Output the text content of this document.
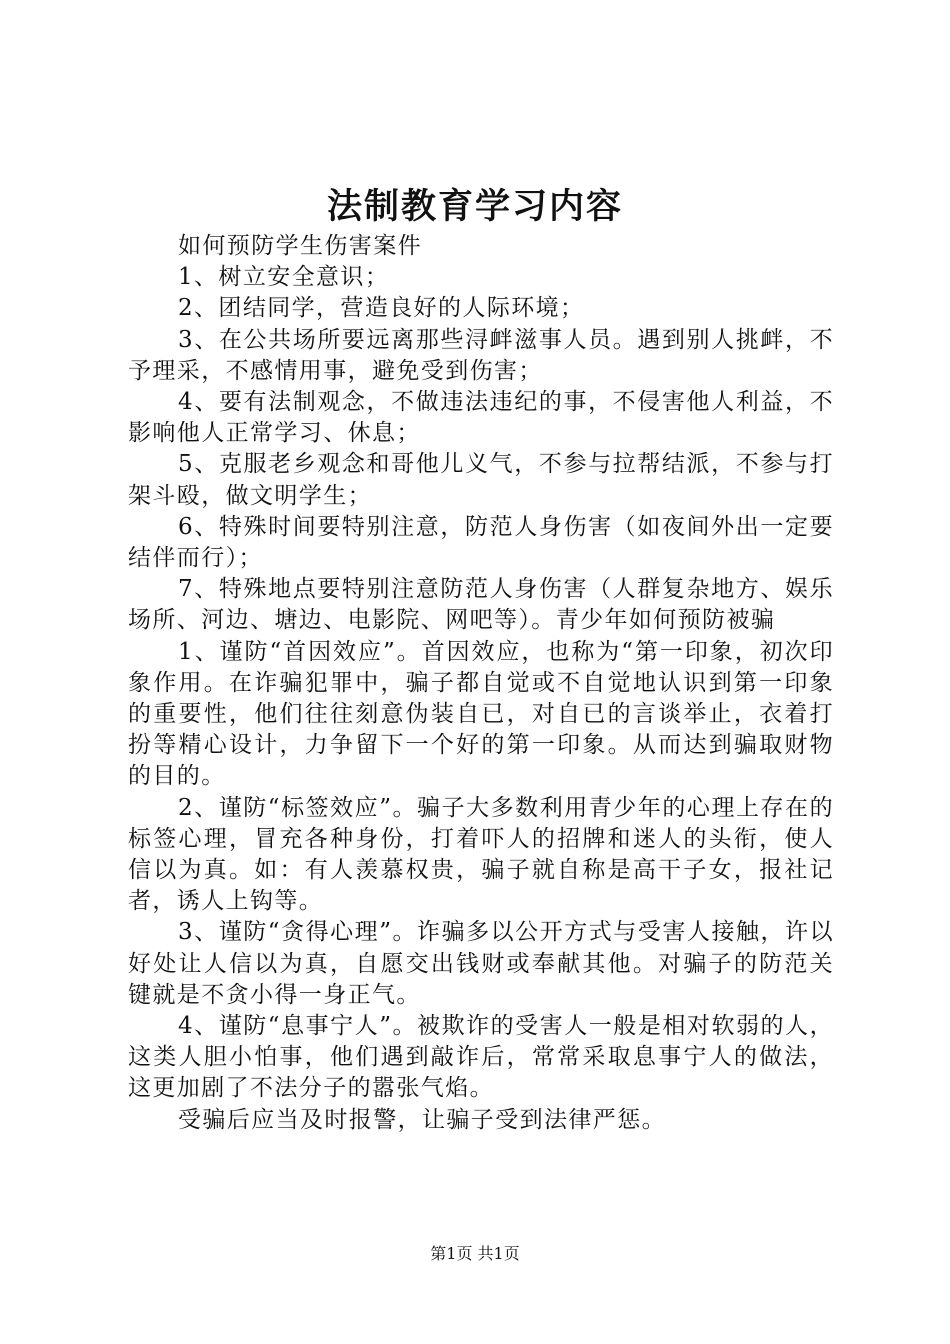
法制教育学习内容

如何预防学生伤害案件

1、树立安全意识；

2、团结同学，营造良好的人际环境；

3、在公共场所要远离那些浔衅滋事人员。遇到别人挑衅，不予理采，不感情用事，避免受到伤害；

4、要有法制观念，不做违法违纪的事，不侵害他人利益，不影响他人正常学习、休息；

5、克服老乡观念和哥他儿义气，不参与拉帮结派，不参与打架斗殴，做文明学生；

6、特殊时间要特别注意，防范人身伤害（如夜间外出一定要结伴而行）；

7、特殊地点要特别注意防范人身伤害（人群复杂地方、娱乐场所、河边、塘边、电影院、网吧等）。青少年如何预防被骗

1、谨防“首因效应”。首因效应，也称为“第一印象，初次印象作用。在诈骗犯罪中，骗子都自觉或不自觉地认识到第一印象的重要性，他们往往刻意伪装自已，对自已的言谈举止，衣着打扮等精心设计，力争留下一个好的第一印象。从而达到骗取财物的目的。

2、谨防“标签效应”。骗子大多数利用青少年的心理上存在的标签心理，冒充各种身份，打着吓人的招牌和迷人的头衔，使人信以为真。如：有人羡慕权贵，骗子就自称是高干子女，报社记者，诱人上钩等。

3、谨防“贪得心理”。诈骗多以公开方式与受害人接触，许以好处让人信以为真，自愿交出钱财或奉献其他。对骗子的防范关键就是不贪小得一身正气。

4、谨防“息事宁人”。被欺诈的受害人一般是相对软弱的人，这类人胆小怕事，他们遇到敲诈后，常常采取息事宁人的做法，这更加剧了不法分子的嚣张气焰。

受骗后应当及时报警，让骗子受到法律严惩。

第1页 共1页
